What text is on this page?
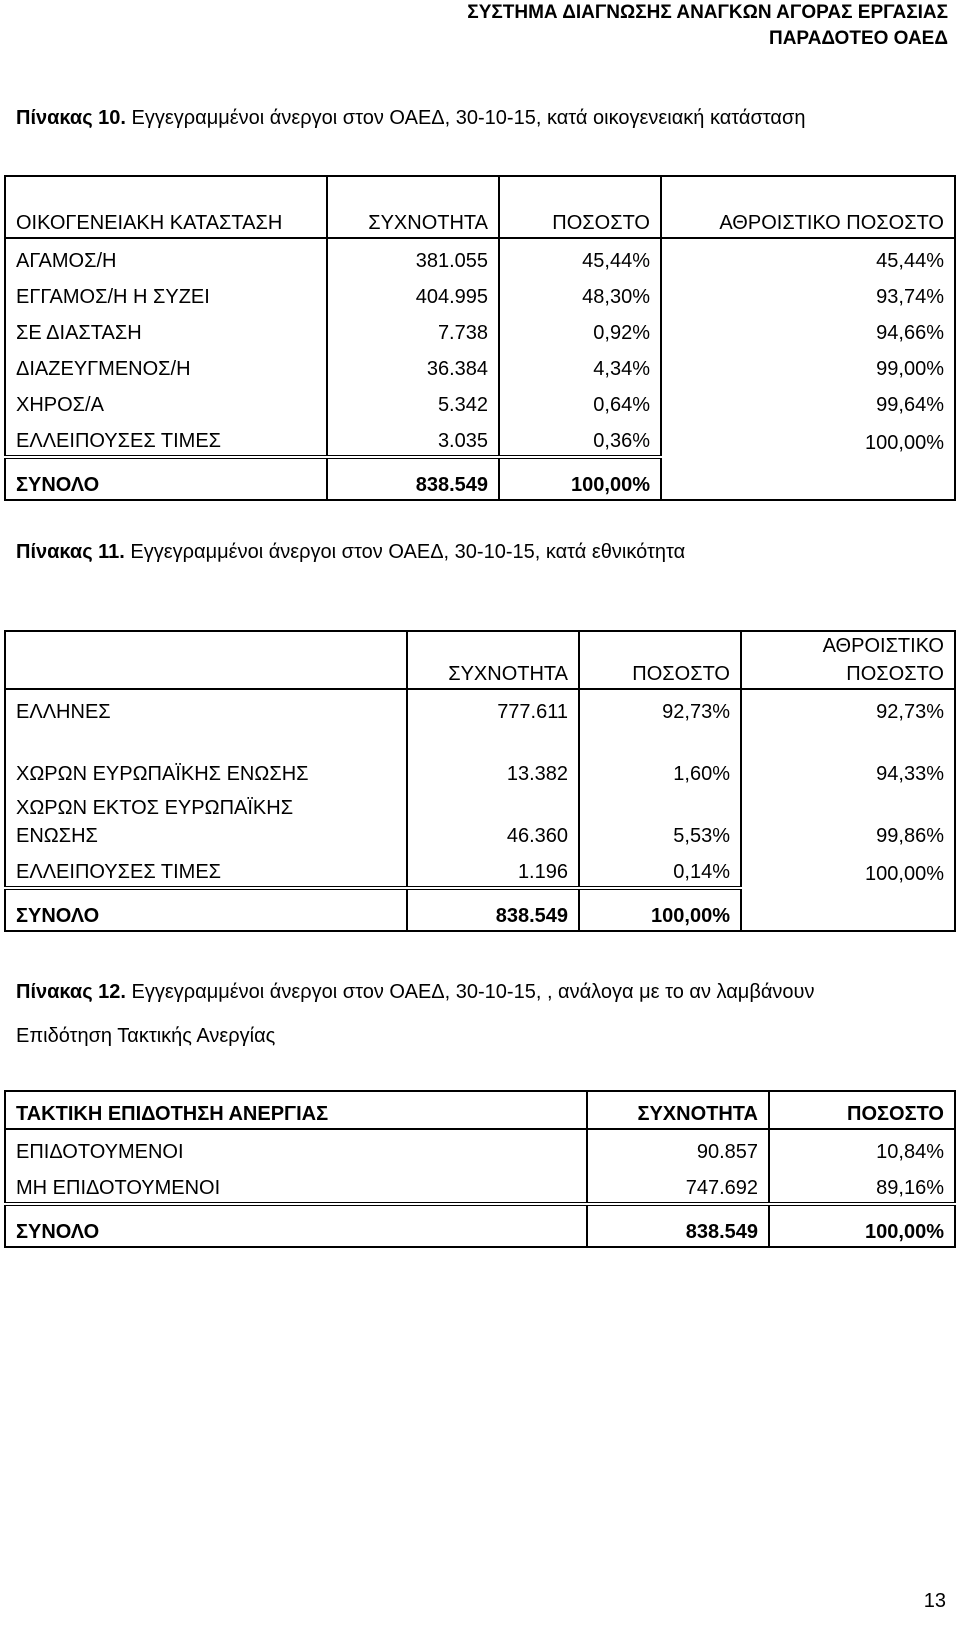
ΣΥΣΤΗΜΑ ΔΙΑΓΝΩΣΗΣ ΑΝΑΓΚΩΝ ΑΓΟΡΑΣ ΕΡΓΑΣΙΑΣ
ΠΑΡΑΔΟΤΕΟ ΟΑΕΔ
Πίνακας 10. Εγγεγραμμένοι άνεργοι στον ΟΑΕΔ, 30-10-15, κατά οικογενειακή κατάσταση
ΟΙΚΟΓΕΝΕΙΑΚΗ ΚΑΤΑΣΤΑΣΗ	ΣΥΧΝΟΤΗΤΑ	ΠΟΣΟΣΤΟ	ΑΘΡΟΙΣΤΙΚΟ ΠΟΣΟΣΤΟ
ΑΓΑΜΟΣ/Η	381.055	45,44%	45,44%
ΕΓΓΑΜΟΣ/Η Η ΣΥΖΕΙ	404.995	48,30%	93,74%
ΣΕ ΔΙΑΣΤΑΣΗ	7.738	0,92%	94,66%
ΔΙΑΖΕΥΓΜΕΝΟΣ/Η	36.384	4,34%	99,00%
ΧΗΡΟΣ/Α	5.342	0,64%	99,64%
ΕΛΛΕΙΠΟΥΣΕΣ ΤΙΜΕΣ	3.035	0,36%	100,00%
ΣΥΝΟΛΟ	838.549	100,00%	
Πίνακας 11. Εγγεγραμμένοι άνεργοι στον ΟΑΕΔ, 30-10-15, κατά εθνικότητα
	ΣΥΧΝΟΤΗΤΑ	ΠΟΣΟΣΤΟ	ΑΘΡΟΙΣΤΙΚΟ ΠΟΣΟΣΤΟ
ΕΛΛΗΝΕΣ	777.611	92,73%	92,73%
ΧΩΡΩΝ ΕΥΡΩΠΑΪΚΗΣ ΕΝΩΣΗΣ	13.382	1,60%	94,33%
ΧΩΡΩΝ ΕΚΤΟΣ ΕΥΡΩΠΑΪΚΗΣ ΕΝΩΣΗΣ	46.360	5,53%	99,86%
ΕΛΛΕΙΠΟΥΣΕΣ ΤΙΜΕΣ	1.196	0,14%	100,00%
ΣΥΝΟΛΟ	838.549	100,00%	
Πίνακας 12. Εγγεγραμμένοι άνεργοι στον ΟΑΕΔ, 30-10-15, , ανάλογα με το αν λαμβάνουν
Επιδότηση Τακτικής Ανεργίας
ΤΑΚΤΙΚΗ ΕΠΙΔΟΤΗΣΗ ΑΝΕΡΓΙΑΣ	ΣΥΧΝΟΤΗΤΑ	ΠΟΣΟΣΤΟ
ΕΠΙΔΟΤΟΥΜΕΝΟΙ	90.857	10,84%
ΜΗ ΕΠΙΔΟΤΟΥΜΕΝΟΙ	747.692	89,16%
ΣΥΝΟΛΟ	838.549	100,00%
13
